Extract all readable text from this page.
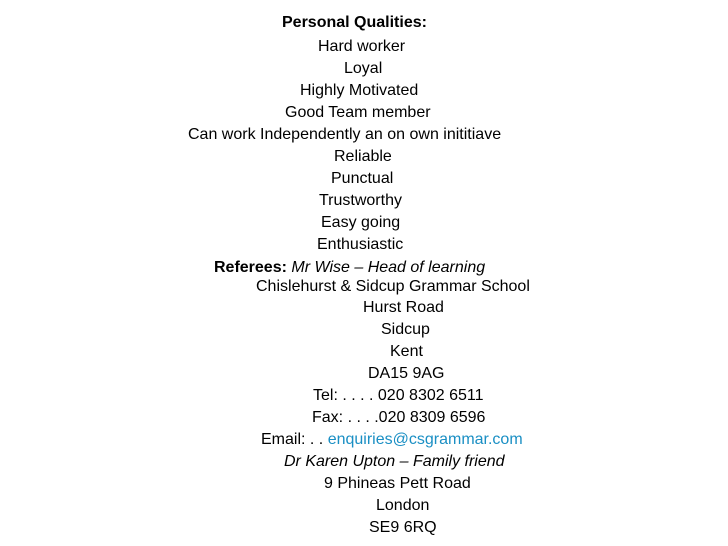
Personal Qualities:
Hard worker
Loyal
Highly Motivated
Good Team member
Can work Independently an on own inititiave
Reliable
Punctual
Trustworthy
Easy going
Enthusiastic
Referees: Mr Wise – Head of learning
Chislehurst & Sidcup Grammar School
Hurst Road
Sidcup
Kent
DA15 9AG
Tel: . . . . 020 8302 6511
Fax: . . . .020 8309 6596
Email: . . enquiries@csgrammar.com
Dr Karen Upton – Family friend
9 Phineas Pett Road
London
SE9 6RQ
